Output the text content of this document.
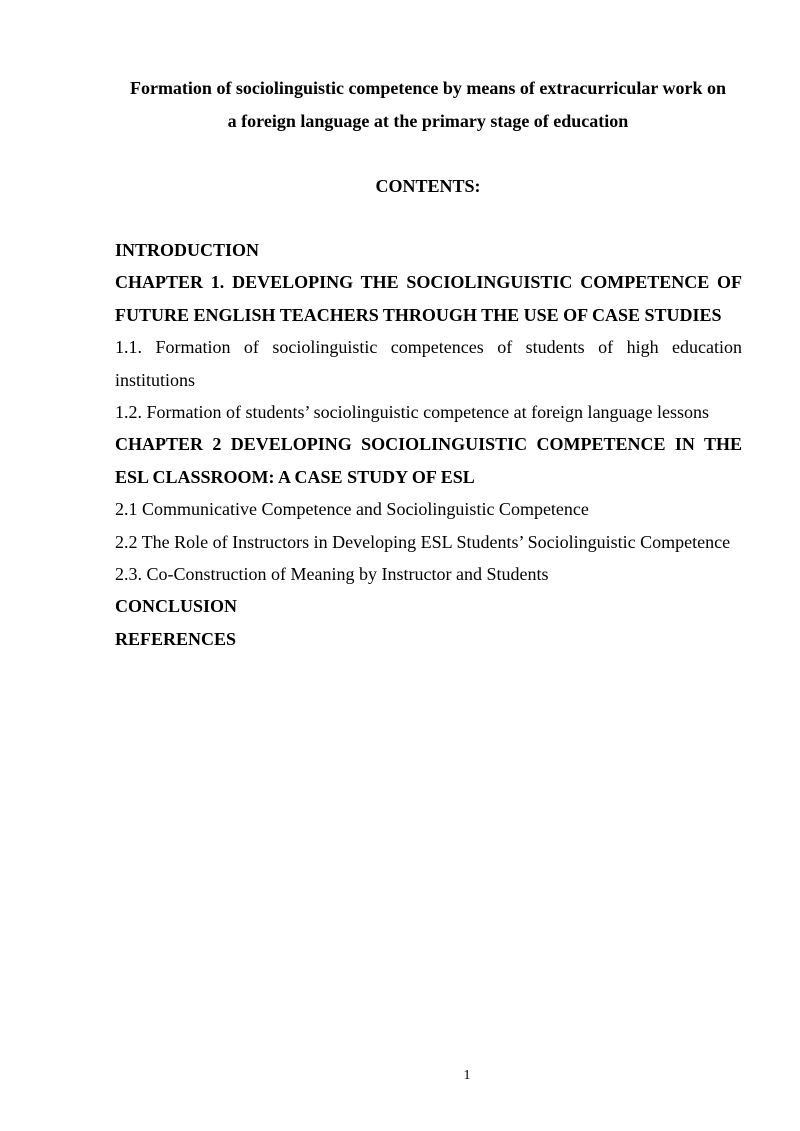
Formation of sociolinguistic competence by means of extracurricular work on
a foreign language at the primary stage of education
CONTENTS:
INTRODUCTION
CHAPTER 1. DEVELOPING THE SOCIOLINGUISTIC COMPETENCE OF FUTURE ENGLISH TEACHERS THROUGH THE USE OF CASE STUDIES
1.1. Formation of sociolinguistic competences of students of high education institutions
1.2. Formation of students’ sociolinguistic competence at foreign language lessons
CHAPTER 2 DEVELOPING SOCIOLINGUISTIC COMPETENCE IN THE ESL CLASSROOM: A CASE STUDY OF ESL
2.1 Communicative Competence and Sociolinguistic Competence
2.2 The Role of Instructors in Developing ESL Students’ Sociolinguistic Competence
2.3. Co-Construction of Meaning by Instructor and Students
CONCLUSION
REFERENCES
1
